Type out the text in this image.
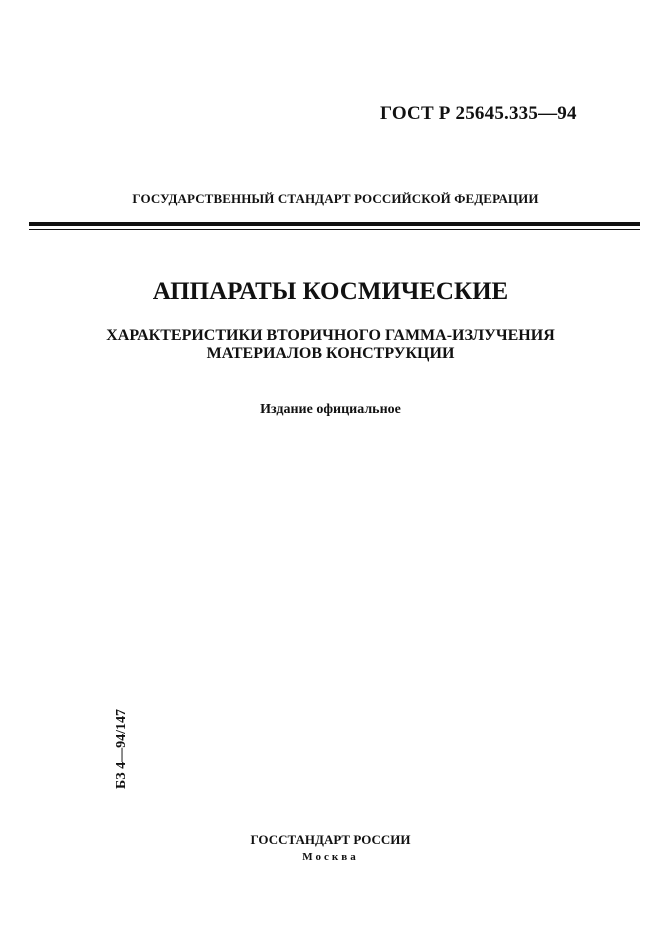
ГОСТ Р 25645.335—94
ГОСУДАРСТВЕННЫЙ СТАНДАРТ РОССИЙСКОЙ ФЕДЕРАЦИИ
АППАРАТЫ КОСМИЧЕСКИЕ
ХАРАКТЕРИСТИКИ ВТОРИЧНОГО ГАММА-ИЗЛУЧЕНИЯ
МАТЕРИАЛОВ КОНСТРУКЦИИ
Издание официальное
БЗ 4—94/147
ГОССТАНДАРТ РОССИИ
Москва
